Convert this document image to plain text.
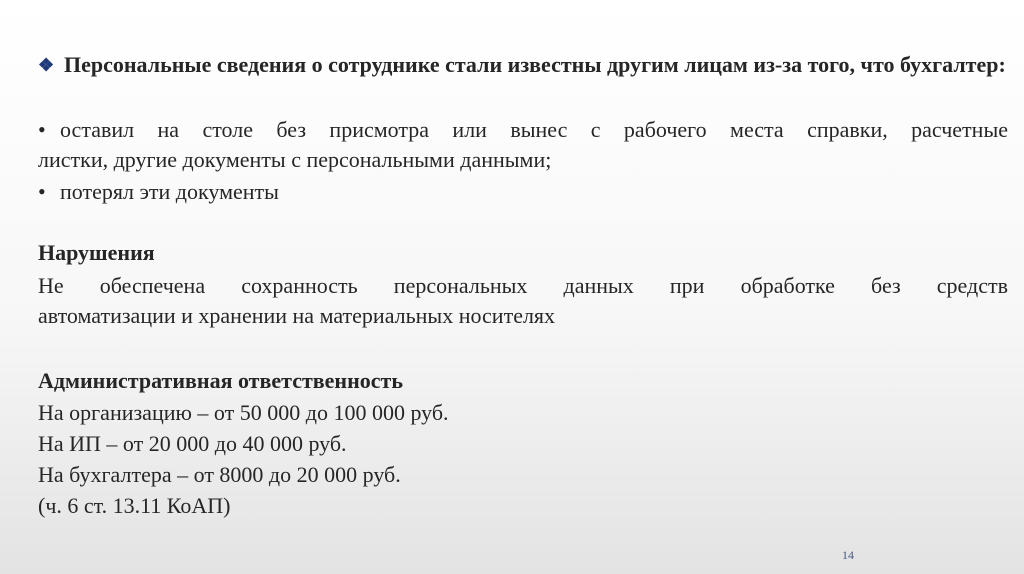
❖ Персональные сведения о сотруднике стали известны другим лицам из-за того, что бухгалтер:
• оставил на столе без присмотра или вынес с рабочего места справки, расчетные
листки, другие документы с персональными данными;
• потерял эти документы
Нарушения
Не обеспечена сохранность персональных данных при обработке без средств
автоматизации и хранении на материальных носителях
Административная ответственность
На организацию – от 50 000 до 100 000 руб.
На ИП – от 20 000 до 40 000 руб.
На бухгалтера – от 8000 до 20 000 руб.
(ч. 6 ст. 13.11 КоАП)
14
